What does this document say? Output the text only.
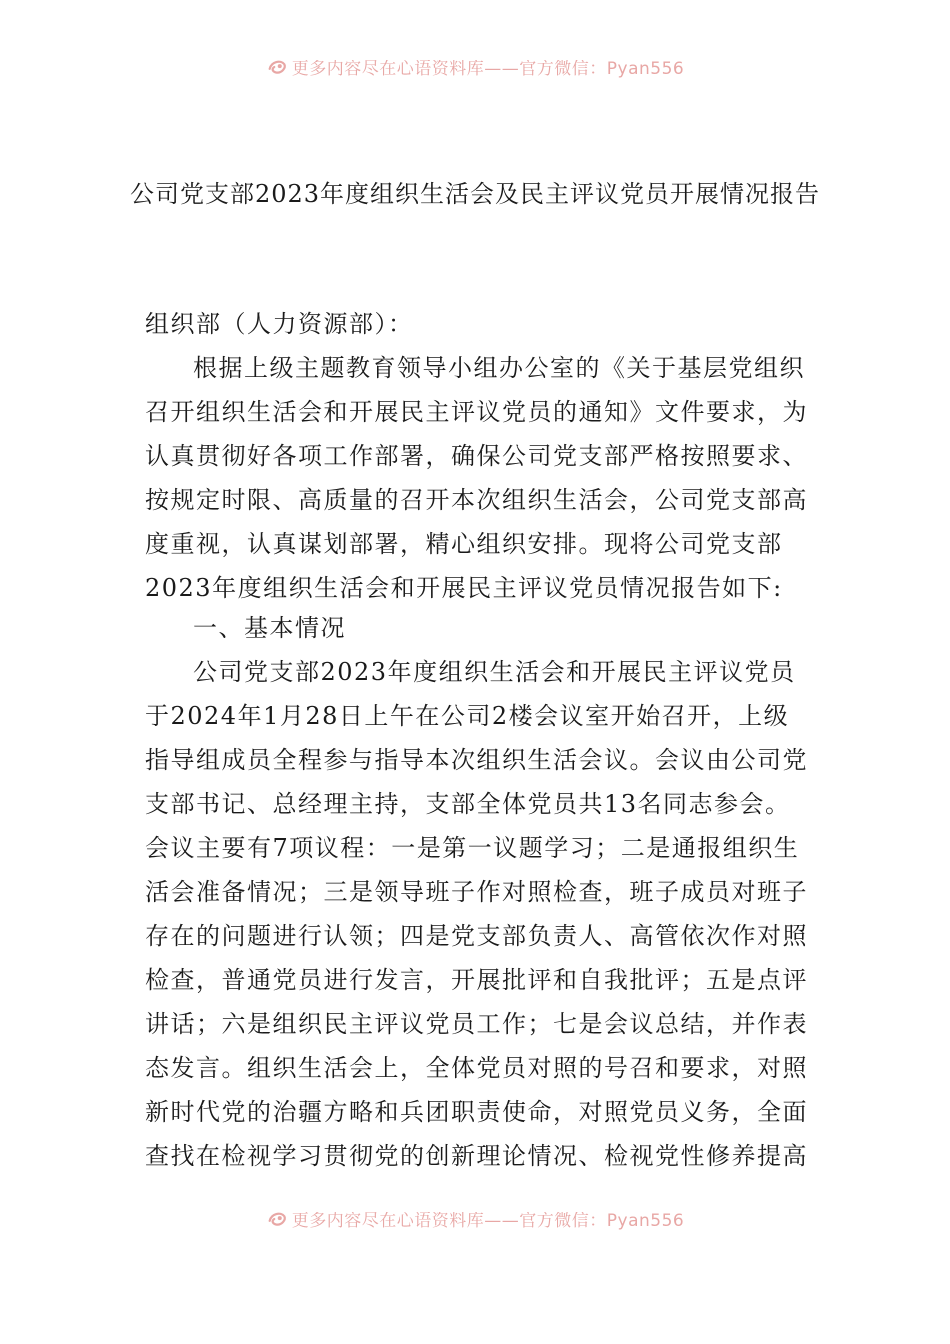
更多内容尽在心语资料库——官方微信：Pyan556

公司党支部2023年度组织生活会及民主评议党员开展情况报告

组织部（人力资源部）：

根据上级主题教育领导小组办公室的《关于基层党组织召开组织生活会和开展民主评议党员的通知》文件要求，为认真贯彻好各项工作部署，确保公司党支部严格按照要求、按规定时限、高质量的召开本次组织生活会，公司党支部高度重视，认真谋划部署，精心组织安排。现将公司党支部2023年度组织生活会和开展民主评议党员情况报告如下:

一、基本情况

公司党支部2023年度组织生活会和开展民主评议党员于2024年1月28日上午在公司2楼会议室开始召开，上级指导组成员全程参与指导本次组织生活会议。会议由公司党支部书记、总经理主持，支部全体党员共13名同志参会。会议主要有7项议程：一是第一议题学习；二是通报组织生活会准备情况；三是领导班子作对照检查，班子成员对班子存在的问题进行认领；四是党支部负责人、高管依次作对照检查，普通党员进行发言，开展批评和自我批评；五是点评讲话；六是组织民主评议党员工作；七是会议总结，并作表态发言。组织生活会上，全体党员对照的号召和要求，对照新时代党的治疆方略和兵团职责使命，对照党员义务，全面查找在检视学习贯彻党的创新理论情况、检视党性修养提高

更多内容尽在心语资料库——官方微信：Pyan556
